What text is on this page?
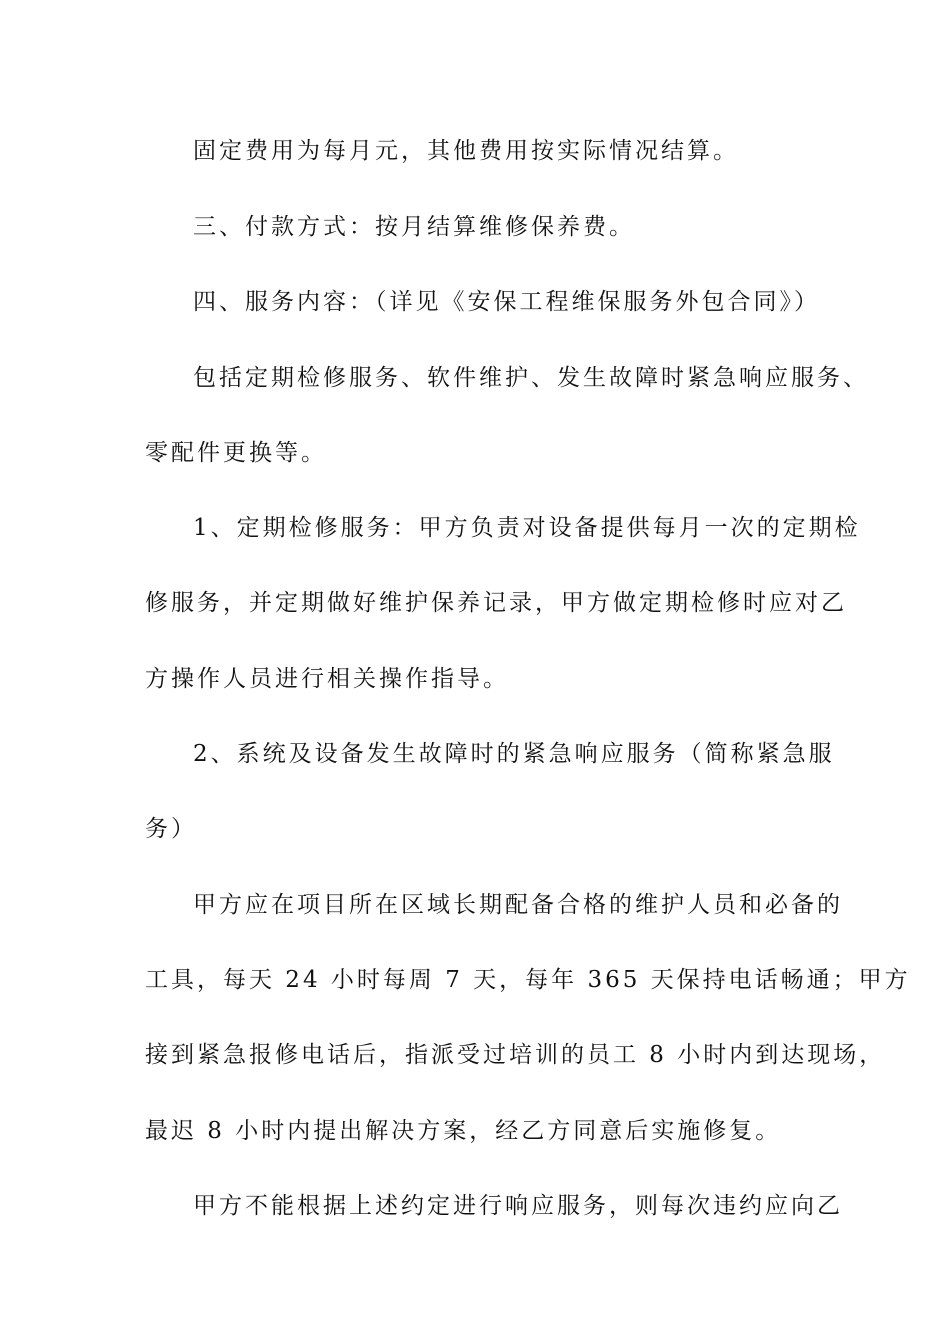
固定费用为每月元，其他费用按实际情况结算。
三、付款方式：按月结算维修保养费。
四、服务内容：（详见《安保工程维保服务外包合同》）
包括定期检修服务、软件维护、发生故障时紧急响应服务、
零配件更换等。
1、定期检修服务：甲方负责对设备提供每月一次的定期检
修服务，并定期做好维护保养记录，甲方做定期检修时应对乙
方操作人员进行相关操作指导。
2、系统及设备发生故障时的紧急响应服务（简称紧急服
务）
甲方应在项目所在区域长期配备合格的维护人员和必备的
工具，每天 24 小时每周 7 天，每年 365 天保持电话畅通；甲方
接到紧急报修电话后，指派受过培训的员工 8 小时内到达现场，
最迟 8 小时内提出解决方案，经乙方同意后实施修复。
甲方不能根据上述约定进行响应服务，则每次违约应向乙
